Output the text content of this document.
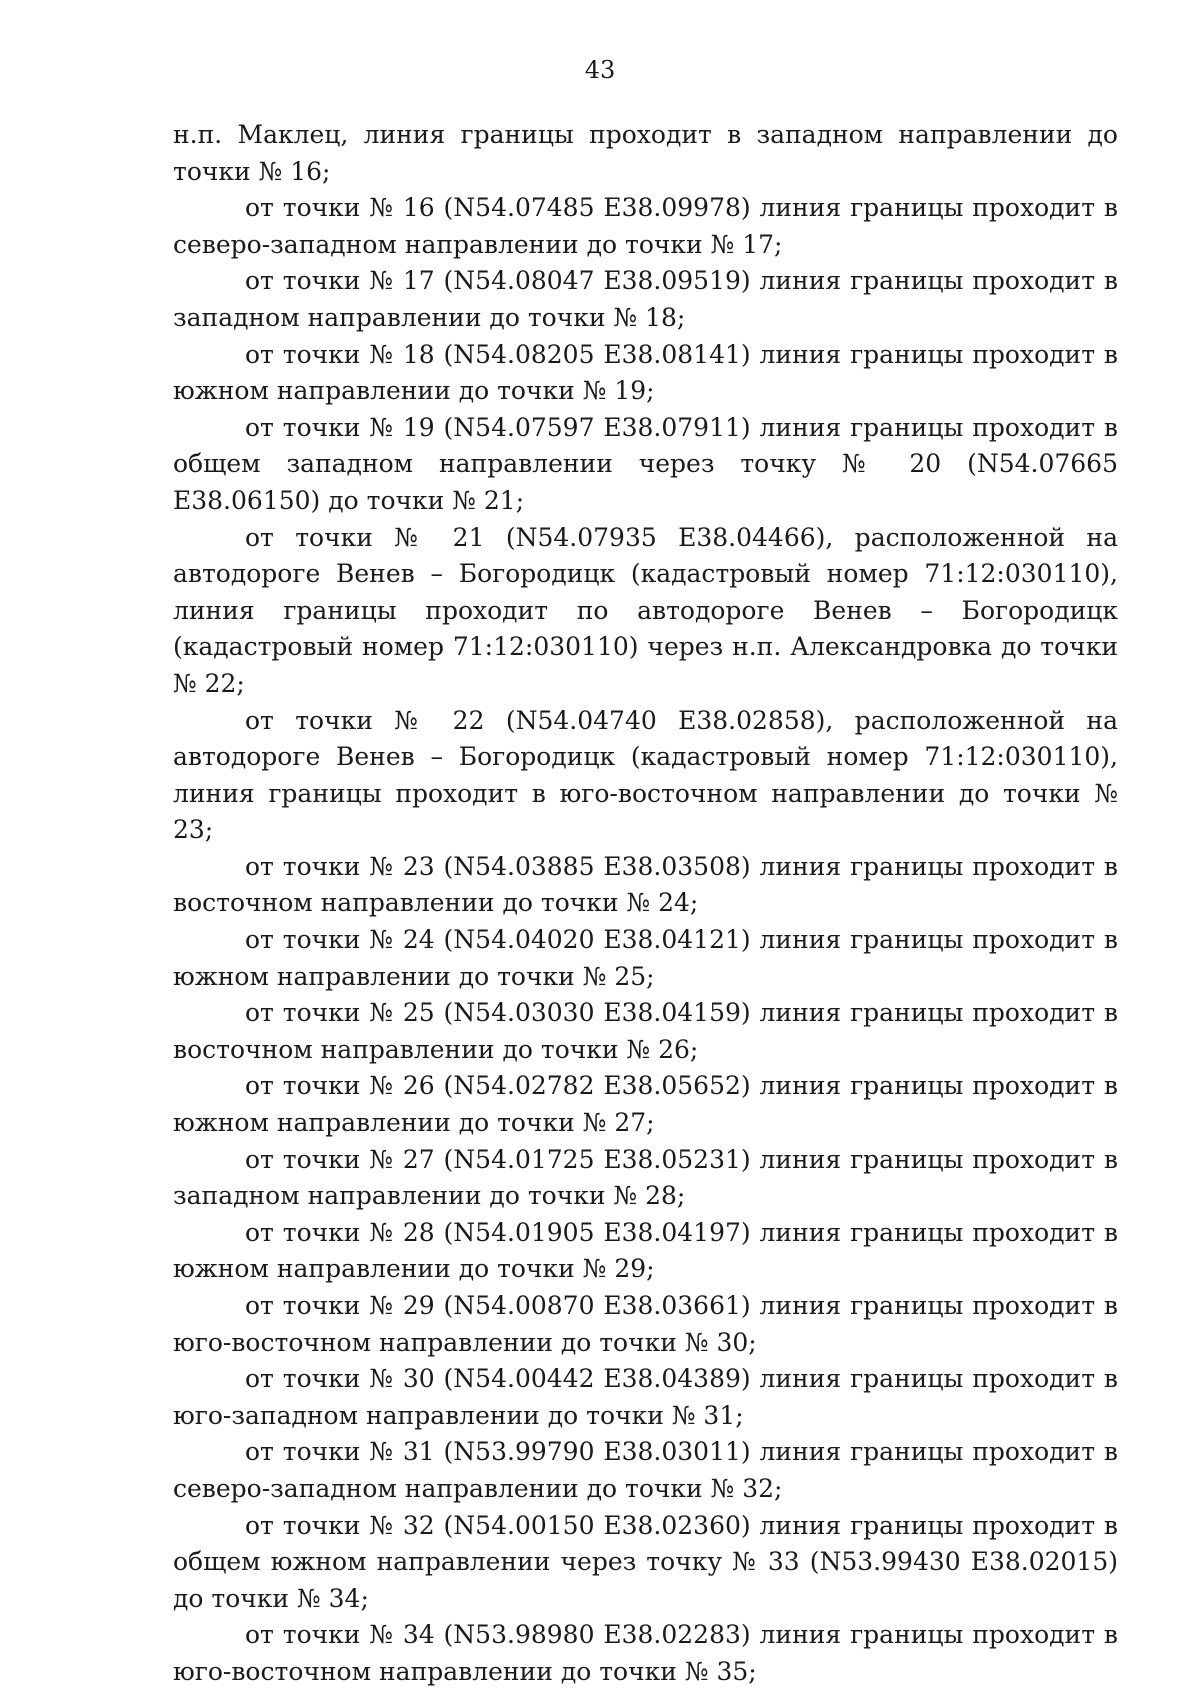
43

н.п. Маклец, линия границы проходит в западном направлении до точки № 16;

от точки № 16 (N54.07485 E38.09978) линия границы проходит в северо-западном направлении до точки № 17;

от точки № 17 (N54.08047 E38.09519) линия границы проходит в западном направлении до точки № 18;

от точки № 18 (N54.08205 E38.08141) линия границы проходит в южном направлении до точки № 19;

от точки № 19 (N54.07597 E38.07911) линия границы проходит в общем западном направлении через точку № 20 (N54.07665 E38.06150) до точки № 21;

от точки № 21 (N54.07935 E38.04466), расположенной на автодороге Венев – Богородицк (кадастровый номер 71:12:030110), линия границы проходит по автодороге Венев – Богородицк (кадастровый номер 71:12:030110) через н.п. Александровка до точки № 22;

от точки № 22 (N54.04740 E38.02858), расположенной на автодороге Венев – Богородицк (кадастровый номер 71:12:030110), линия границы проходит в юго-восточном направлении до точки № 23;

от точки № 23 (N54.03885 E38.03508) линия границы проходит в восточном направлении до точки № 24;

от точки № 24 (N54.04020 E38.04121) линия границы проходит в южном направлении до точки № 25;

от точки № 25 (N54.03030 E38.04159) линия границы проходит в восточном направлении до точки № 26;

от точки № 26 (N54.02782 E38.05652) линия границы проходит в южном направлении до точки № 27;

от точки № 27 (N54.01725 E38.05231) линия границы проходит в западном направлении до точки № 28;

от точки № 28 (N54.01905 E38.04197) линия границы проходит в южном направлении до точки № 29;

от точки № 29 (N54.00870 E38.03661) линия границы проходит в юго-восточном направлении до точки № 30;

от точки № 30 (N54.00442 E38.04389) линия границы проходит в юго-западном направлении до точки № 31;

от точки № 31 (N53.99790 E38.03011) линия границы проходит в северо-западном направлении до точки № 32;

от точки № 32 (N54.00150 E38.02360) линия границы проходит в общем южном направлении через точку № 33 (N53.99430 E38.02015) до точки № 34;

от точки № 34 (N53.98980 E38.02283) линия границы проходит в юго-восточном направлении до точки № 35;
